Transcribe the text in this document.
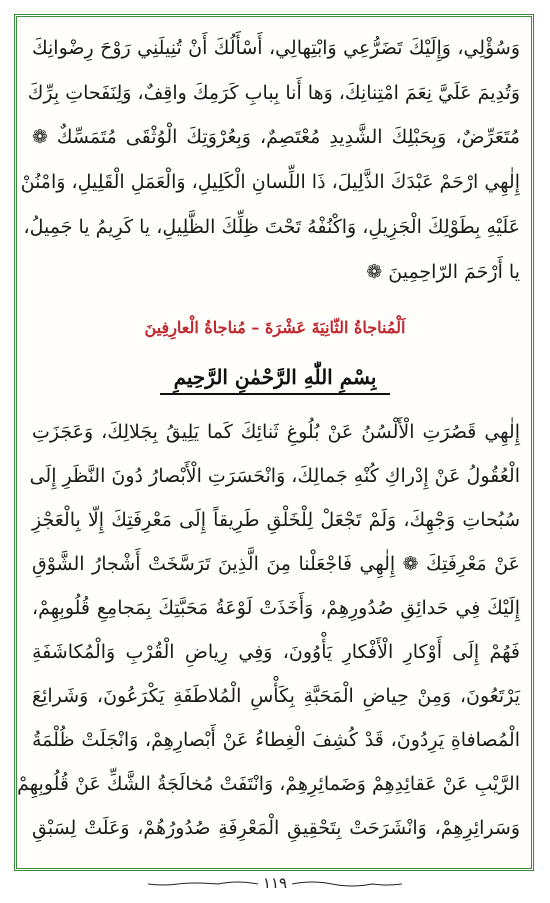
وَسُؤْلِي، وَإِلَيْكَ تَضَرُّعِي وَابْتِهالِي، أَسْأَلُكَ أَنْ تُنِيلَنِي رَوْحَ رِضْوانِكَ
وَتُدِيمَ عَلَيَّ نِعَمَ امْتِنانِكَ، وَها أَنا بِبابِ كَرَمِكَ واقِفٌ، وَلِنَفَحاتِ بِرِّكَ
مُتَعَرِّضٌ، وَبِحَبْلِكَ الشَّدِيدِ مُعْتَصِمٌ، وَبِعُرْوَتِكَ الْوُثْقَى مُتَمَسِّكٌ ❁
إِلٰهِي ارْحَمْ عَبْدَكَ الذَّلِيلَ، ذَا اللِّسانِ الْكَلِيلِ، وَالْعَمَلِ الْقَلِيلِ، وَامْنُنْ
عَلَيْهِ بِطَوْلِكَ الْجَزِيلِ، وَاكْنُفْهُ تَحْتَ ظِلِّكَ الظَّلِيلِ، يا كَرِيمُ يا جَمِيلُ،
يا أَرْحَمَ الرّاحِمِينَ ❁
اَلْمُناجاةُ الثّانِيَةَ عَشْرَةَ – مُناجاةُ الْعارِفِينَ
بِسْمِ اللّٰهِ الرَّحْمٰنِ الرَّحِيمِ
إِلٰهِي قَصُرَتِ الْأَلْسُنُ عَنْ بُلُوغِ ثَنائِكَ كَما يَلِيقُ بِجَلالِكَ، وَعَجَزَتِ
الْعُقُولُ عَنْ إِدْراكِ كُنْهِ جَمالِكَ، وَانْحَسَرَتِ الْأَبْصارُ دُونَ النَّظَرِ إِلَى
سُبُحاتِ وَجْهِكَ، وَلَمْ تَجْعَلْ لِلْخَلْقِ طَرِيقاً إِلَى مَعْرِفَتِكَ إِلّا بِالْعَجْزِ
عَنْ مَعْرِفَتِكَ ❁ إِلٰهِي فَاجْعَلْنا مِنَ الَّذِينَ تَرَسَّخَتْ أَشْجارُ الشَّوْقِ
إِلَيْكَ فِي حَدائِقِ صُدُورِهِمْ، وَأَخَذَتْ لَوْعَةُ مَحَبَّتِكَ بِمَجامِعِ قُلُوبِهِمْ،
فَهُمْ إِلَى أَوْكارِ الْأَفْكارِ يَأْوُونَ، وَفِي رِياضِ الْقُرْبِ وَالْمُكاشَفَةِ
يَرْتَعُونَ، وَمِنْ حِياضِ الْمَحَبَّةِ بِكَأْسِ الْمُلاطَفَةِ يَكْرَعُونَ، وَشَرائِعَ
الْمُصافاةِ يَرِدُونَ، قَدْ كُشِفَ الْغِطاءُ عَنْ أَبْصارِهِمْ، وَانْجَلَتْ ظُلْمَةُ
الرَّيْبِ عَنْ عَقائِدِهِمْ وَضَمائِرِهِمْ، وَانْتَفَتْ مُخالَجَةُ الشَّكِّ عَنْ قُلُوبِهِمْ
وَسَرائِرِهِمْ، وَانْشَرَحَتْ بِتَحْقِيقِ الْمَعْرِفَةِ صُدُورُهُمْ، وَعَلَتْ لِسَبْقِ
١١٩
